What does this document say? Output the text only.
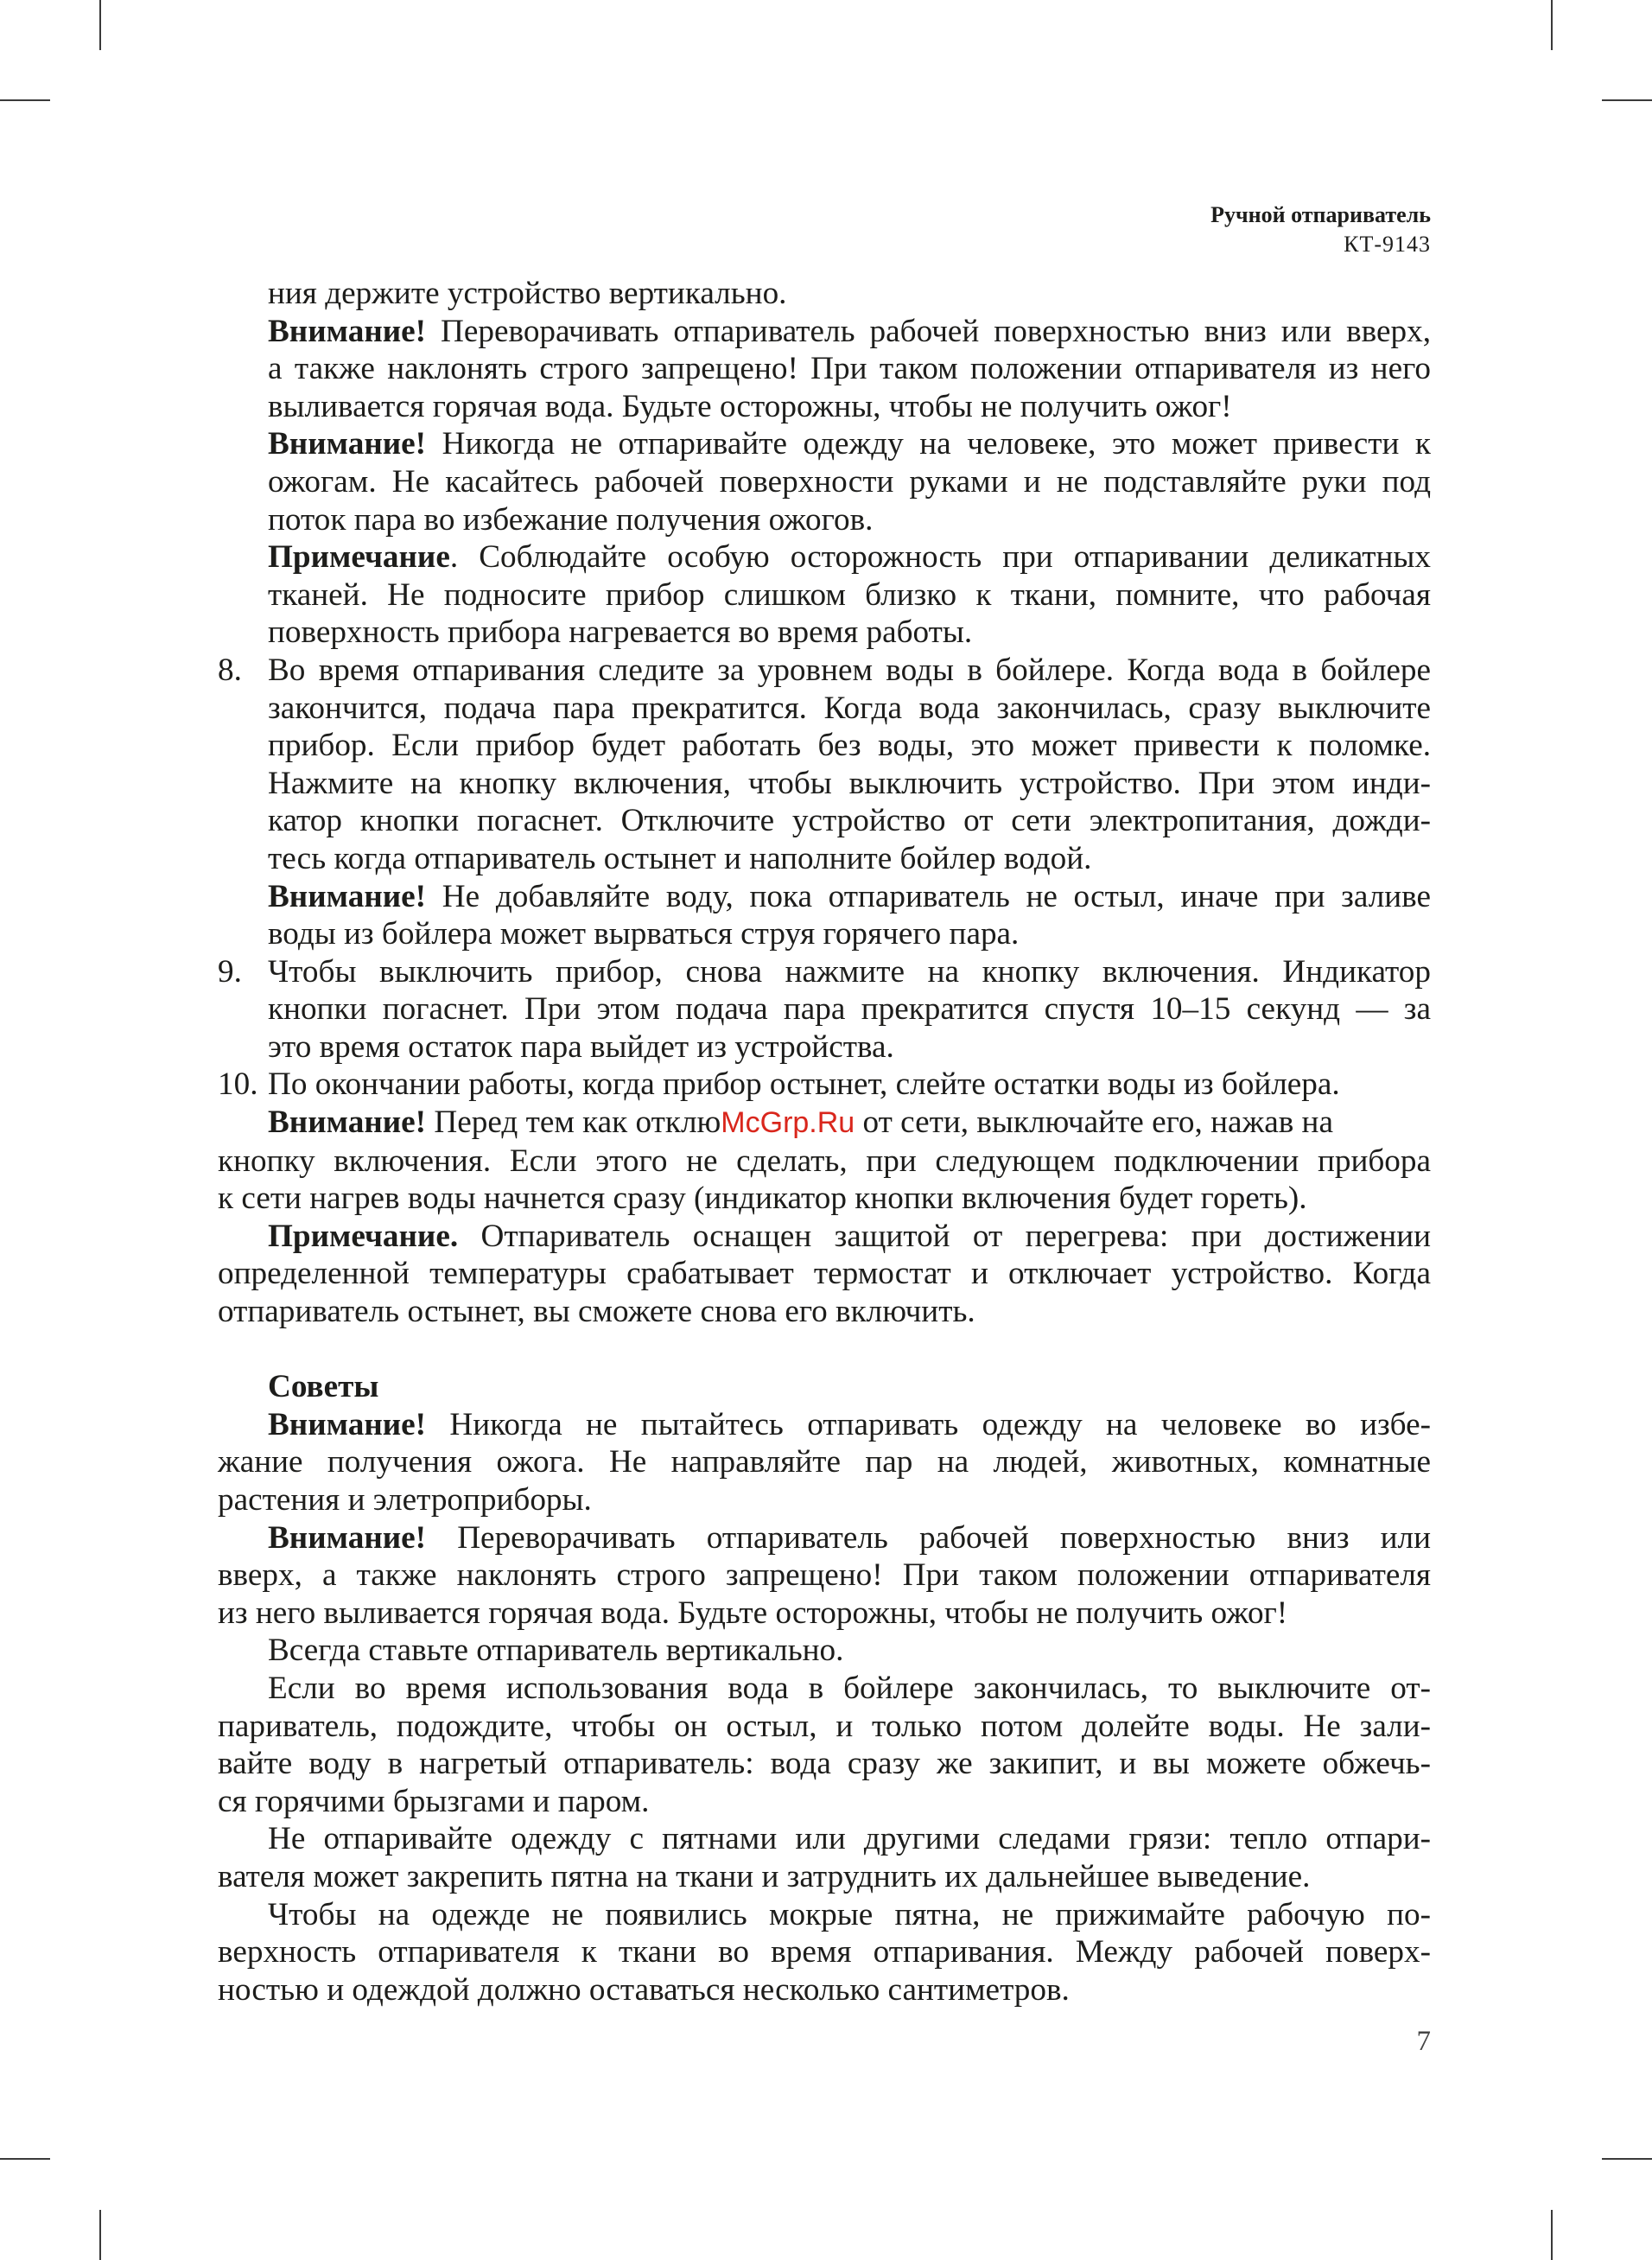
Ручной отпариватель
КТ-9143
ния держите устройство вертикально.
Внимание! Переворачивать отпариватель рабочей поверхностью вниз или вверх,
а также наклонять строго запрещено! При таком положении отпаривателя из него
выливается горячая вода. Будьте осторожны, чтобы не получить ожог!
Внимание! Никогда не отпаривайте одежду на человеке, это может привести к
ожогам. Не касайтесь рабочей поверхности руками и не подставляйте руки под
поток пара во избежание получения ожогов.
Примечание. Соблюдайте особую осторожность при отпаривании деликатных
тканей. Не подносите прибор слишком близко к ткани, помните, что рабочая
поверхность прибора нагревается во время работы.
8. Во время отпаривания следите за уровнем воды в бойлере. Когда вода в бойлере
закончится, подача пара прекратится. Когда вода закончилась, сразу выключите
прибор. Если прибор будет работать без воды, это может привести к поломке.
Нажмите на кнопку включения, чтобы выключить устройство. При этом инди-
катор кнопки погаснет. Отключите устройство от сети электропитания, дожди-
тесь когда отпариватель остынет и наполните бойлер водой.
Внимание! Не добавляйте воду, пока отпариватель не остыл, иначе при заливе
воды из бойлера может вырваться струя горячего пара.
9. Чтобы выключить прибор, снова нажмите на кнопку включения. Индикатор
кнопки погаснет. При этом подача пара прекратится спустя 10–15 секунд — за
это время остаток пара выйдет из устройства.
10. По окончании работы, когда прибор остынет, слейте остатки воды из бойлера.
Внимание! Перед тем как отклюMcGrp.Ru от сети, выключайте его, нажав на
кнопку включения. Если этого не сделать, при следующем подключении прибора
к сети нагрев воды начнется сразу (индикатор кнопки включения будет гореть).
Примечание. Отпариватель оснащен защитой от перегрева: при достижении
определенной температуры срабатывает термостат и отключает устройство. Когда
отпариватель остынет, вы сможете снова его включить.
Советы
Внимание! Никогда не пытайтесь отпаривать одежду на человеке во избе-
жание получения ожога. Не направляйте пар на людей, животных, комнатные
растения и элетроприборы.
Внимание! Переворачивать отпариватель рабочей поверхностью вниз или
вверх, а также наклонять строго запрещено! При таком положении отпаривателя
из него выливается горячая вода. Будьте осторожны, чтобы не получить ожог!
Всегда ставьте отпариватель вертикально.
Если во время использования вода в бойлере закончилась, то выключите от-
париватель, подождите, чтобы он остыл, и только потом долейте воды. Не зали-
вайте воду в нагретый отпариватель: вода сразу же закипит, и вы можете обжечь-
ся горячими брызгами и паром.
Не отпаривайте одежду с пятнами или другими следами грязи: тепло отпари-
вателя может закрепить пятна на ткани и затруднить их дальнейшее выведение.
Чтобы на одежде не появились мокрые пятна, не прижимайте рабочую по-
верхность отпаривателя к ткани во время отпаривания. Между рабочей поверх-
ностью и одеждой должно оставаться несколько сантиметров.
7
